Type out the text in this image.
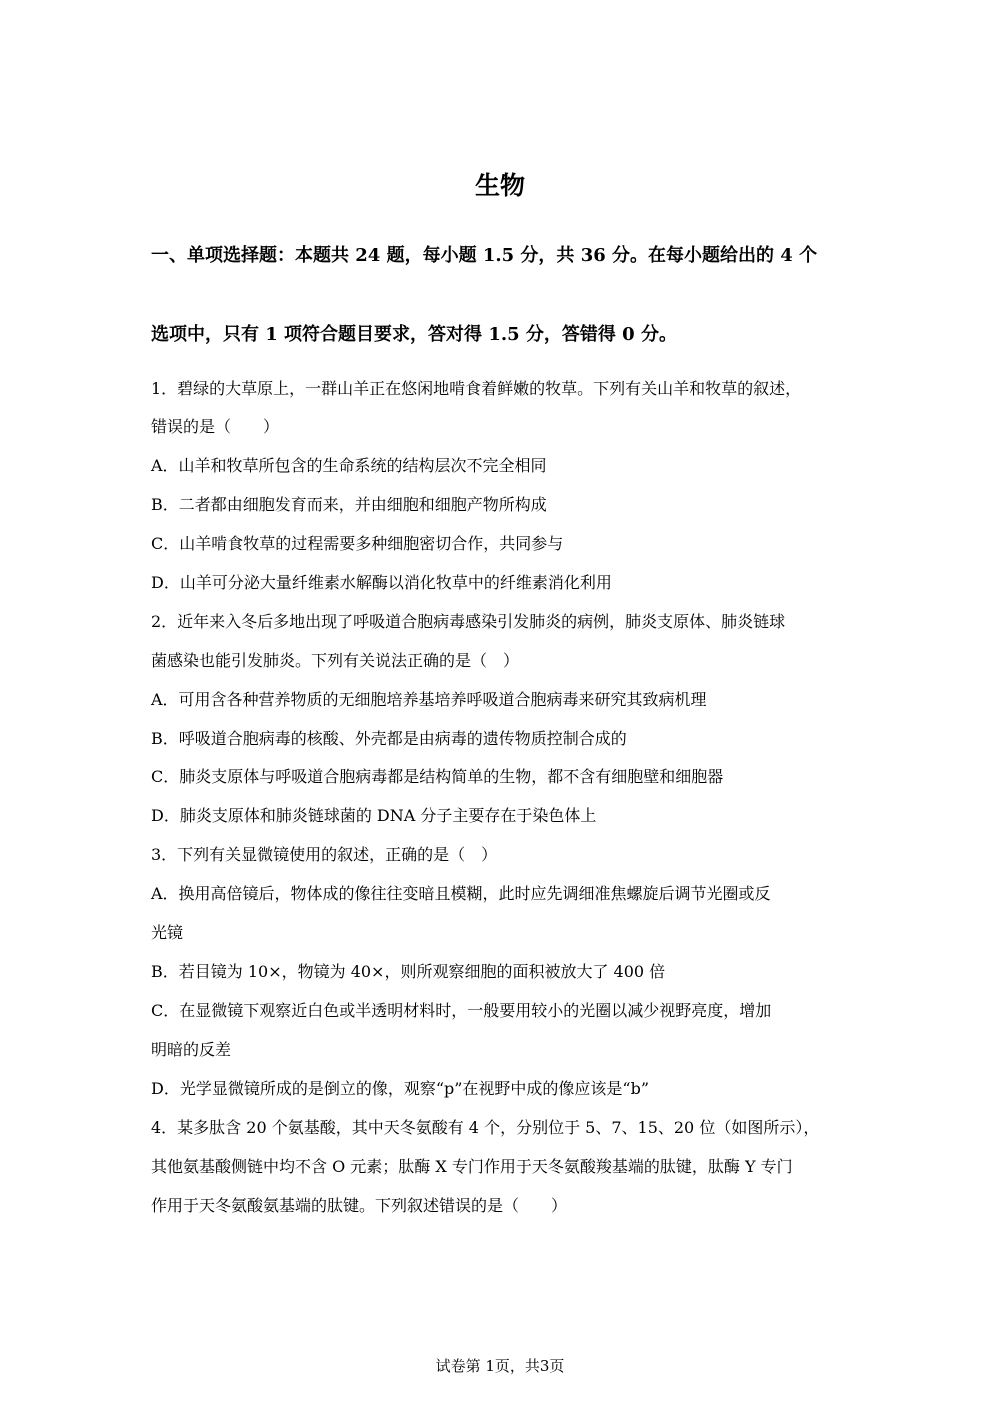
生物

一、单项选择题：本题共 24 题，每小题 1.5 分，共 36 分。在每小题给出的 4 个

选项中，只有 1 项符合题目要求，答对得 1.5 分，答错得 0 分。

1．碧绿的大草原上，一群山羊正在悠闲地啃食着鲜嫩的牧草。下列有关山羊和牧草的叙述，

错误的是（　　）

A．山羊和牧草所包含的生命系统的结构层次不完全相同

B．二者都由细胞发育而来，并由细胞和细胞产物所构成

C．山羊啃食牧草的过程需要多种细胞密切合作，共同参与

D．山羊可分泌大量纤维素水解酶以消化牧草中的纤维素消化利用

2．近年来入冬后多地出现了呼吸道合胞病毒感染引发肺炎的病例，肺炎支原体、肺炎链球

菌感染也能引发肺炎。下列有关说法正确的是（　）

A．可用含各种营养物质的无细胞培养基培养呼吸道合胞病毒来研究其致病机理

B．呼吸道合胞病毒的核酸、外壳都是由病毒的遗传物质控制合成的

C．肺炎支原体与呼吸道合胞病毒都是结构简单的生物，都不含有细胞壁和细胞器

D．肺炎支原体和肺炎链球菌的 DNA 分子主要存在于染色体上

3．下列有关显微镜使用的叙述，正确的是（　）

A．换用高倍镜后，物体成的像往往变暗且模糊，此时应先调细准焦螺旋后调节光圈或反

光镜

B．若目镜为 10×，物镜为 40×，则所观察细胞的面积被放大了 400 倍

C．在显微镜下观察近白色或半透明材料时，一般要用较小的光圈以减少视野亮度，增加

明暗的反差

D．光学显微镜所成的是倒立的像，观察“p”在视野中成的像应该是“b”

4．某多肽含 20 个氨基酸，其中天冬氨酸有 4 个，分别位于 5、7、15、20 位（如图所示），

其他氨基酸侧链中均不含 O 元素；肽酶 X 专门作用于天冬氨酸羧基端的肽键，肽酶 Y 专门

作用于天冬氨酸氨基端的肽键。下列叙述错误的是（　　）

试卷第 1页，共3页
